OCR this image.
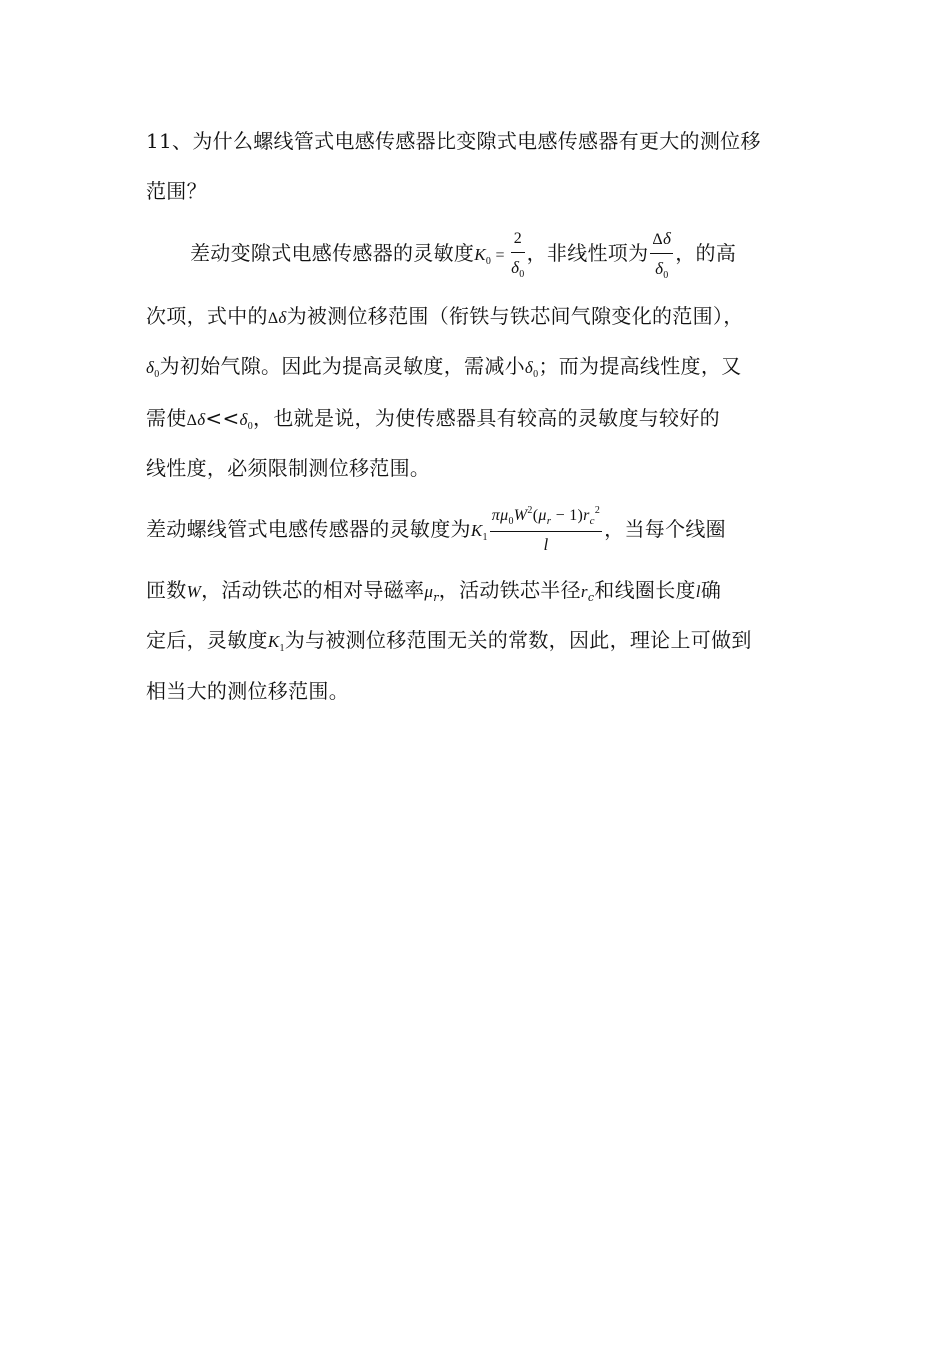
11、为什么螺线管式电感传感器比变隙式电感传感器有更大的测位移
范围？
差动变隙式电感传感器的灵敏度$K_0 = \frac{2}{\delta_0}$ ，非线性项为 $\frac{\Delta\delta}{\delta_0}$ ，的高
次项，式中的Δδ为被测位移范围（衔铁与铁芯间气隙变化的范围），
$\delta_0$为初始气隙。因此为提高灵敏度，需减小$\delta_0$；而为提高线性度，又
需使$\Delta\delta<<\delta_0$，也就是说，为使传感器具有较高的灵敏度与较好的
线性度，必须限制测位移范围。
差动螺线管式电感传感器的灵敏度为$K_1 \frac{\pi\mu_0W^2(\mu_r - 1)r_c^2}{l}$ ，当每个线圈
匝数W，活动铁芯的相对导磁率$\mu_r$，活动铁芯半径$r_c$和线圈长度l确
定后，灵敏度$K_1$为与被测位移范围无关的常数，因此，理论上可做到
相当大的测位移范围。
